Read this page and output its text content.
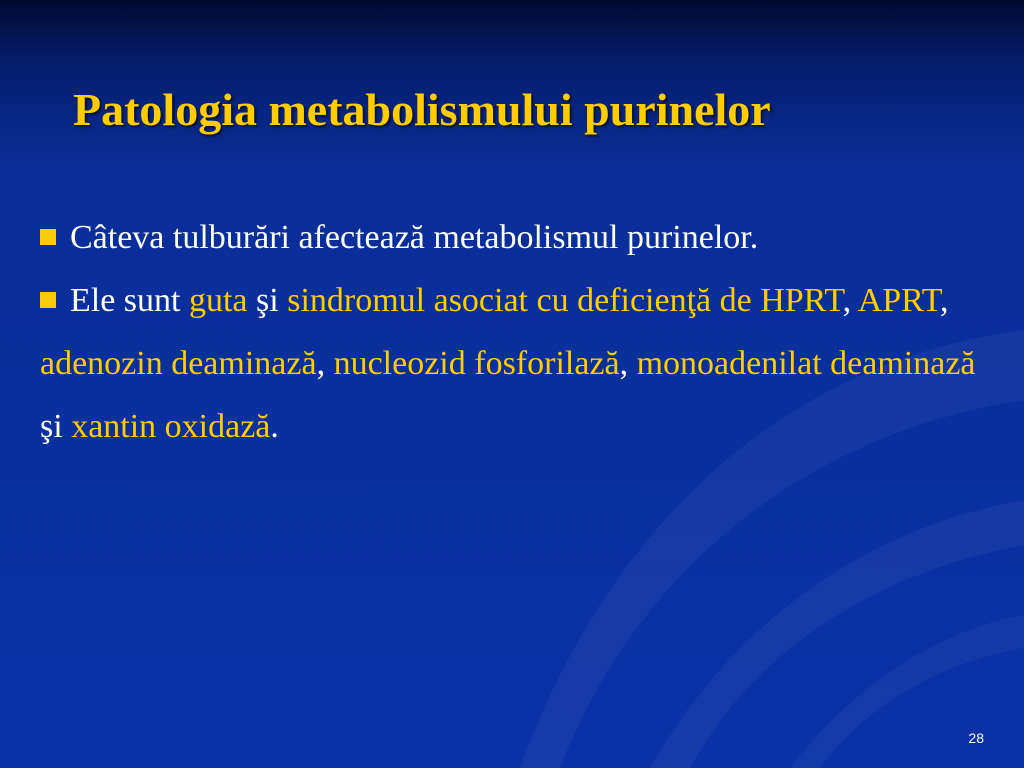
Patologia metabolismului purinelor
Câteva tulburări afectează metabolismul purinelor.
Ele sunt guta şi sindromul asociat cu deficienţă de HPRT, APRT, adenozin deaminază, nucleozid fosforilază, monoadenilat deaminază şi xantin oxidază.
28
